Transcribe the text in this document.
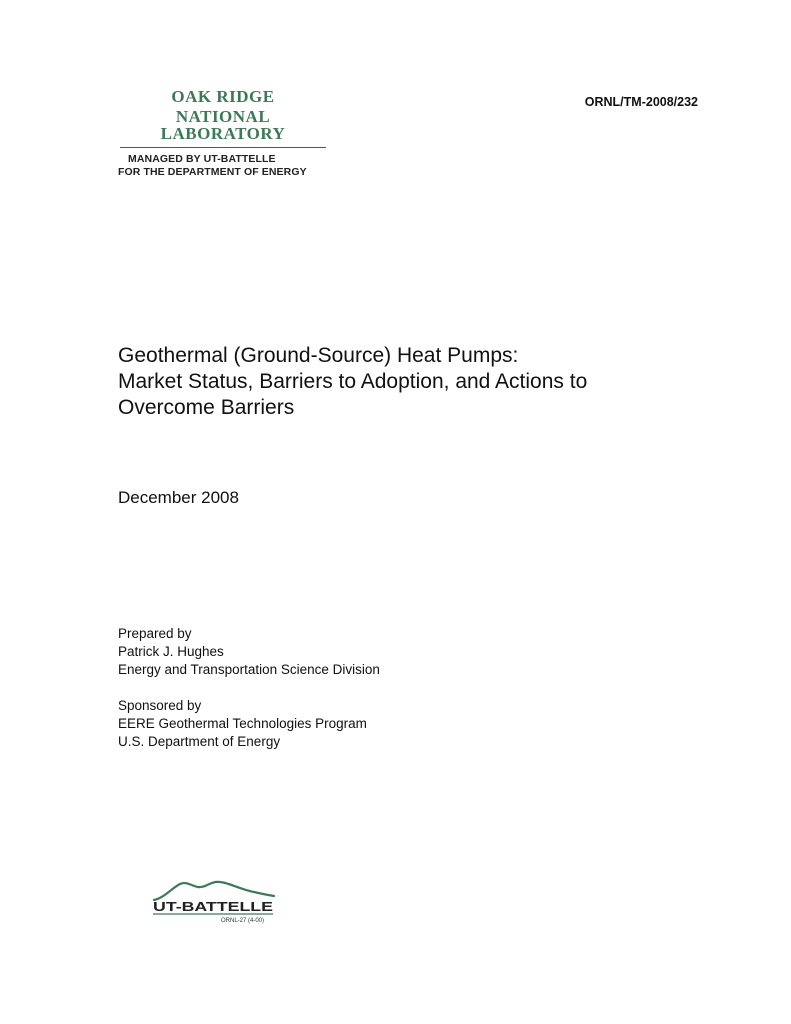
OAK RIDGE
NATIONAL LABORATORY
MANAGED BY UT-BATTELLE
FOR THE DEPARTMENT OF ENERGY
ORNL/TM-2008/232
Geothermal (Ground-Source) Heat Pumps:
Market Status, Barriers to Adoption, and Actions to
Overcome Barriers
December 2008
Prepared by
Patrick J. Hughes
Energy and Transportation Science Division
Sponsored by
EERE Geothermal Technologies Program
U.S. Department of Energy
UT-BATTELLE
ORNL-27 (4-00)
